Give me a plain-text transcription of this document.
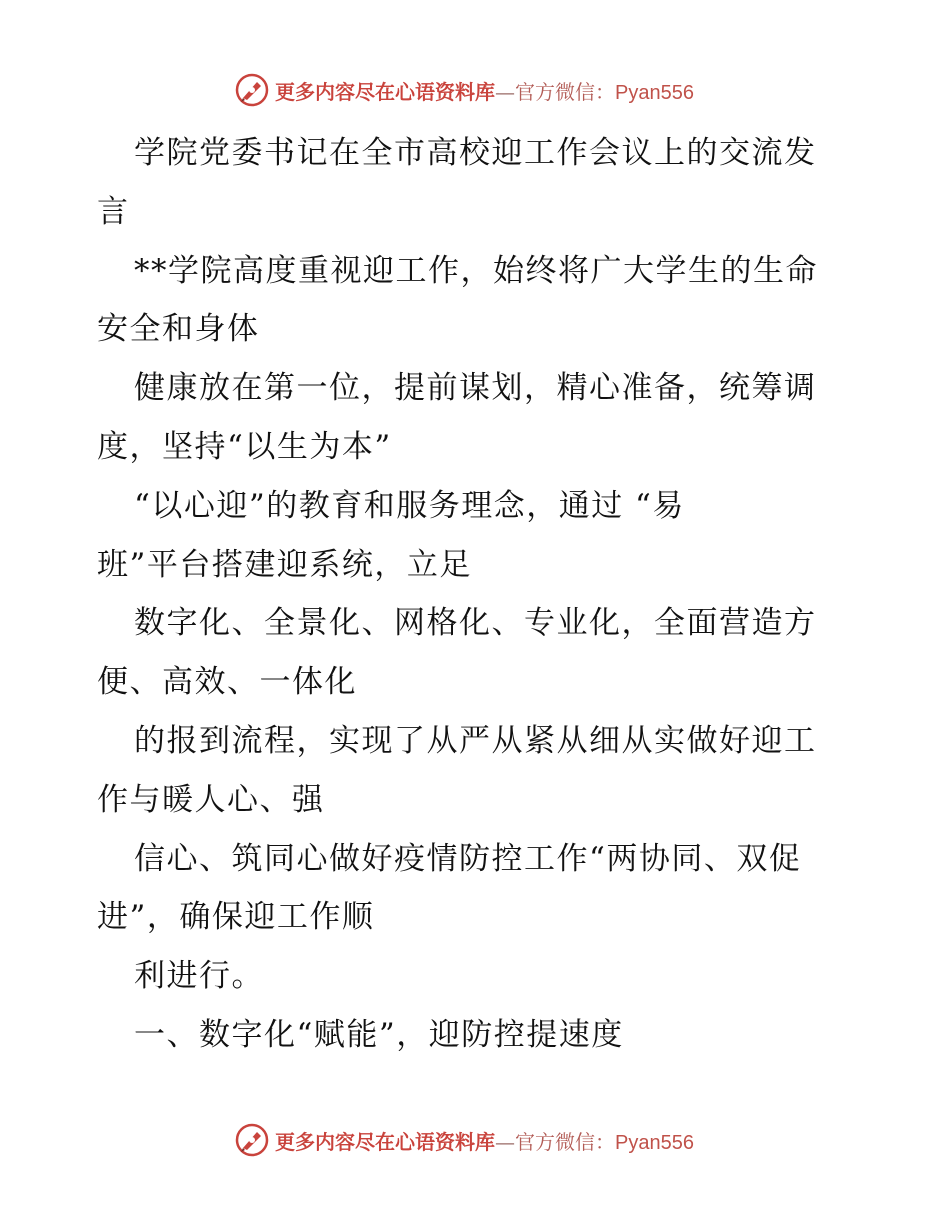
更多内容尽在心语资料库—官方微信：Pyan556
学院党委书记在全市高校迎工作会议上的交流发
言
**学院高度重视迎工作，始终将广大学生的生命
安全和身体
健康放在第一位，提前谋划，精心准备，统筹调
度，坚持“以生为本”
“以心迎”的教育和服务理念，通过 “易
班”平台搭建迎系统，立足
数字化、全景化、网格化、专业化，全面营造方
便、高效、一体化
的报到流程，实现了从严从紧从细从实做好迎工
作与暖人心、强
信心、筑同心做好疫情防控工作“两协同、双促
进”，确保迎工作顺
利进行。
一、数字化“赋能”，迎防控提速度
更多内容尽在心语资料库—官方微信：Pyan556
